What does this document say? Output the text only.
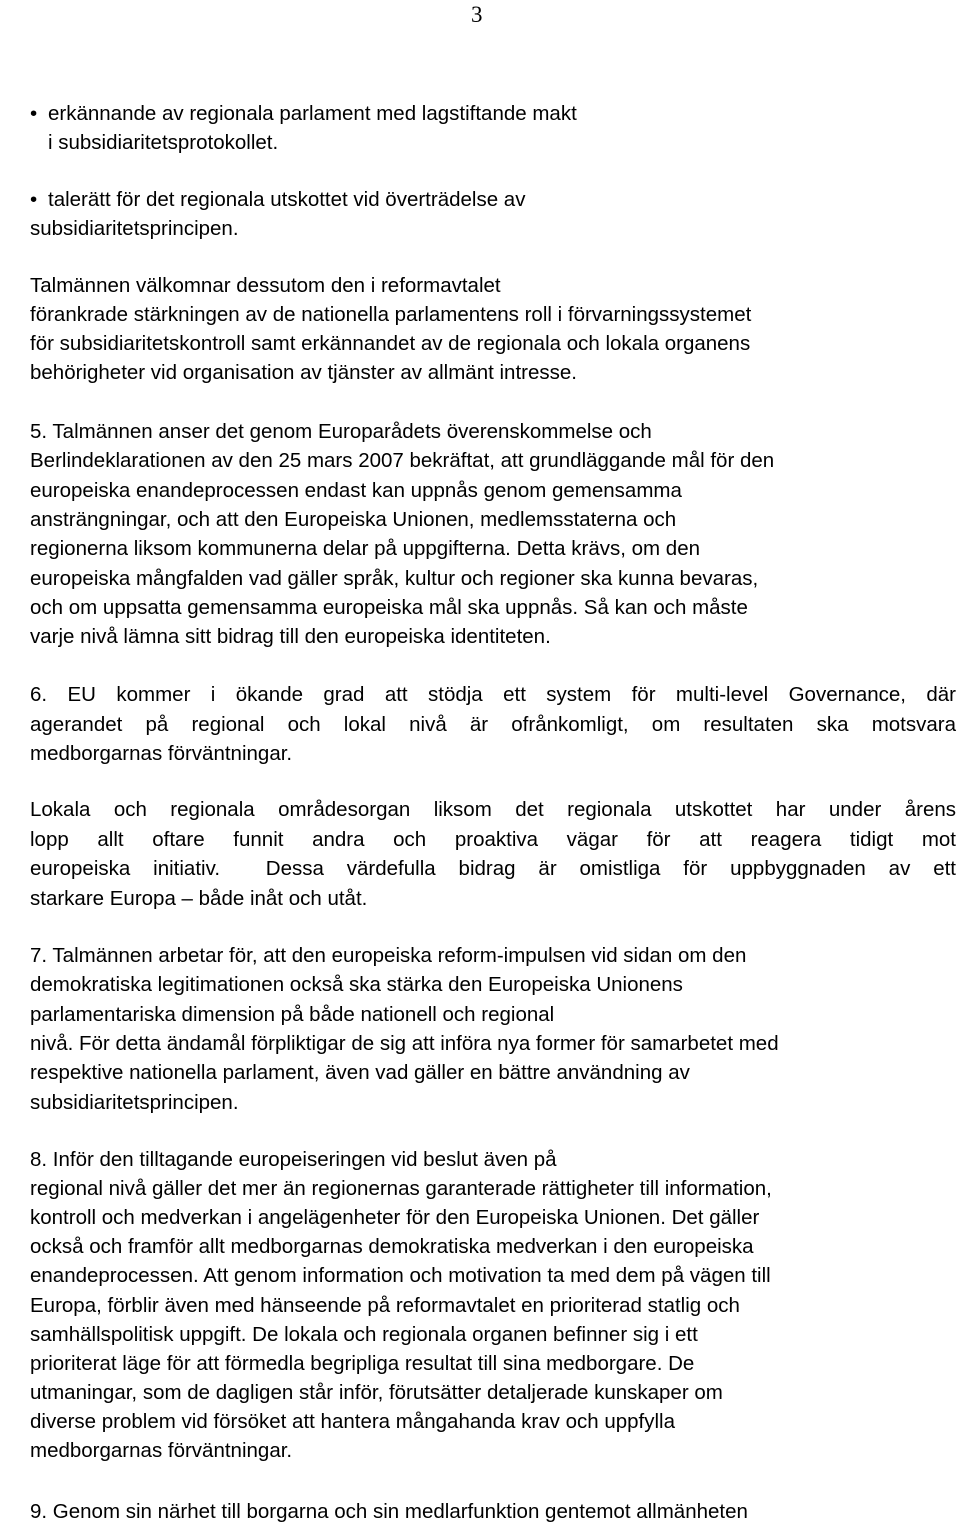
3
• erkännande av regionala parlament med lagstiftande makt
i subsidiaritetsprotokollet.
• talerätt för det regionala utskottet vid överträdelse av
subsidiaritetsprincipen.
Talmännen välkomnar dessutom den i reformavtalet
förankrade stärkningen av de nationella parlamentens roll i förvarningssystemet
för subsidiaritetskontroll samt erkännandet av de regionala och lokala organens
behörigheter vid organisation av tjänster av allmänt intresse.
5. Talmännen anser det genom Europarådets överenskommelse och
Berlindeklarationen av den 25 mars 2007 bekräftat, att grundläggande mål för den
europeiska enandeprocessen endast kan uppnås genom gemensamma
ansträngningar, och att den Europeiska Unionen, medlemsstaterna och
regionerna liksom kommunerna delar på uppgifterna. Detta krävs, om den
europeiska mångfalden vad gäller språk, kultur och regioner ska kunna bevaras,
och om uppsatta gemensamma europeiska mål ska uppnås. Så kan och måste
varje nivå lämna sitt bidrag till den europeiska identiteten.
6. EU kommer i ökande grad att stödja ett system för multi-level Governance, där
agerandet på regional och lokal nivå är ofrånkomligt, om resultaten ska motsvara
medborgarnas förväntningar.
Lokala och regionala områdesorgan liksom det regionala utskottet har under årens
lopp allt oftare funnit andra och proaktiva vägar för att reagera tidigt mot
europeiska initiativ.  Dessa värdefulla bidrag är omistliga för uppbyggnaden av ett
starkare Europa – både inåt och utåt.
7. Talmännen arbetar för, att den europeiska reform-impulsen vid sidan om den
demokratiska legitimationen också ska stärka den Europeiska Unionens
parlamentariska dimension på både nationell och regional
nivå. För detta ändamål förpliktigar de sig att införa nya former för samarbetet med
respektive nationella parlament, även vad gäller en bättre användning av
subsidiaritetsprincipen.
8. Inför den tilltagande europeiseringen vid beslut även på
regional nivå gäller det mer än regionernas garanterade rättigheter till information,
kontroll och medverkan i angelägenheter för den Europeiska Unionen. Det gäller
också och framför allt medborgarnas demokratiska medverkan i den europeiska
enandeprocessen. Att genom information och motivation ta med dem på vägen till
Europa, förblir även med hänseende på reformavtalet en prioriterad statlig och
samhällspolitisk uppgift. De lokala och regionala organen befinner sig i ett
prioriterat läge för att förmedla begripliga resultat till sina medborgare. De
utmaningar, som de dagligen står inför, förutsätter detaljerade kunskaper om
diverse problem vid försöket att hantera mångahanda krav och uppfylla
medborgarnas förväntningar.
9. Genom sin närhet till borgarna och sin medlarfunktion gentemot allmänheten
